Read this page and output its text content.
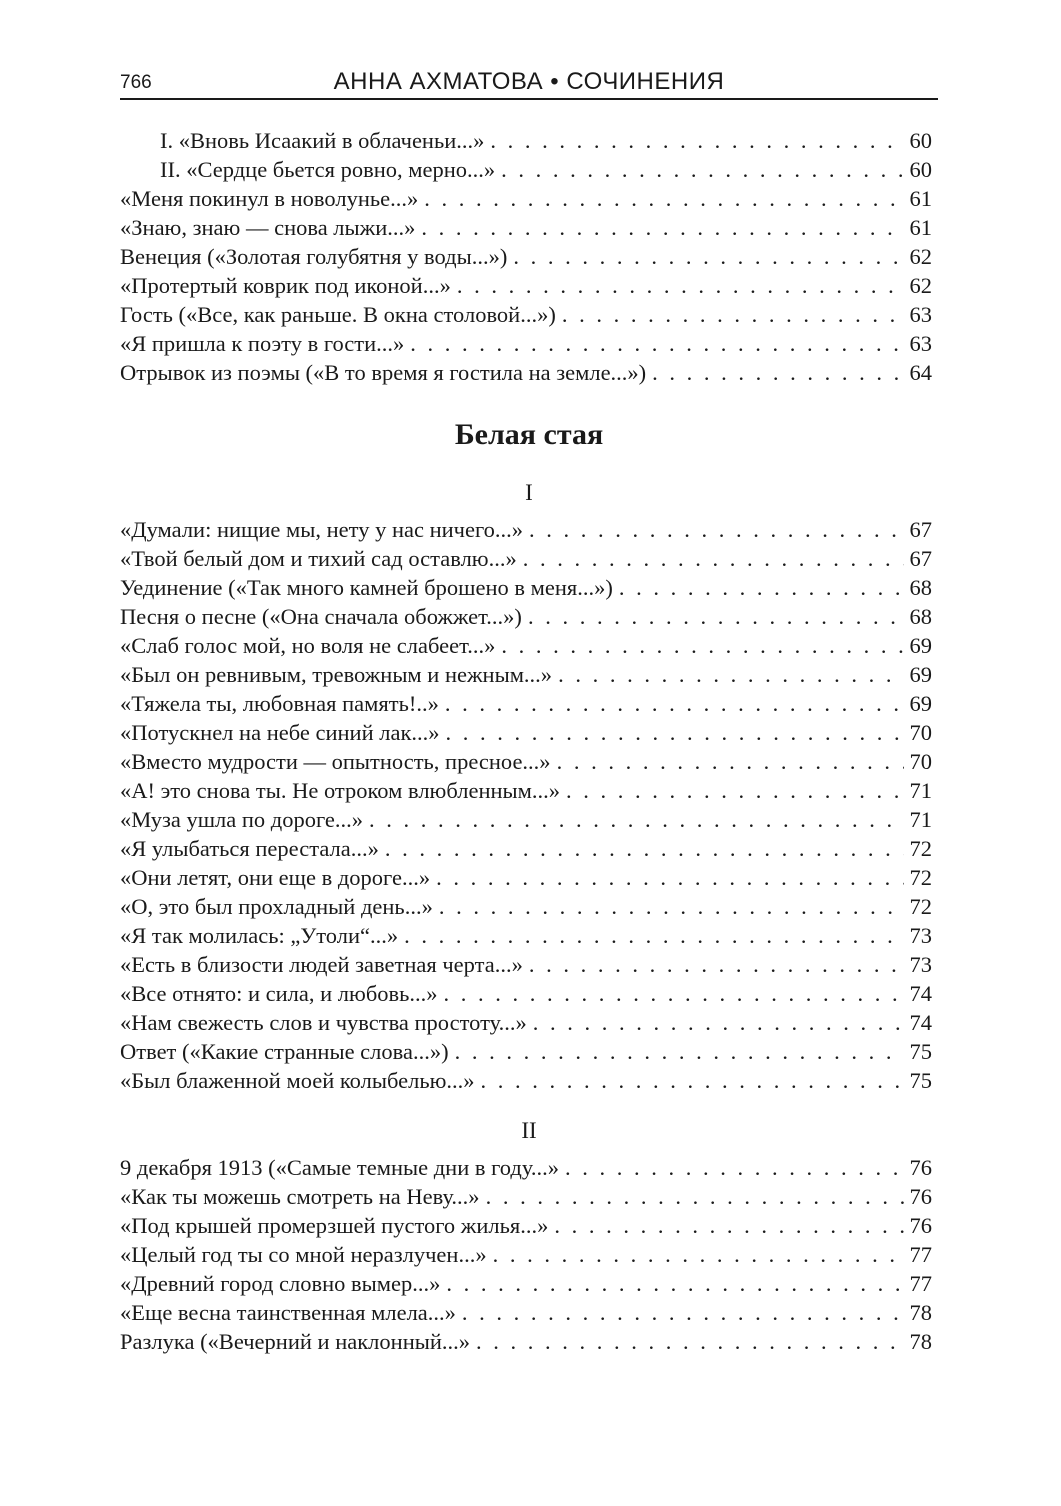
766	АННА АХМАТОВА • СОЧИНЕНИЯ
I. «Вновь Исаакий в облаченьи...» . . .	60
II. «Сердце бьется ровно, мерно...» . . .	60
«Меня покинул в новолунье...» . . .	61
«Знаю, знаю — снова лыжи...» . . .	61
Венеция («Золотая голубятня у воды...») . . .	62
«Протертый коврик под иконой...» . . .	62
Гость («Все, как раньше. В окна столовой...») . . .	63
«Я пришла к поэту в гости...» . . .	63
Отрывок из поэмы («В то время я гостила на земле...») . . .	64
Белая стая
I
«Думали: нищие мы, нету у нас ничего...» . . .	67
«Твой белый дом и тихий сад оставлю...» . . .	67
Уединение («Так много камней брошено в меня...») . . .	68
Песня о песне («Она сначала обожжет...») . . .	68
«Слаб голос мой, но воля не слабеет...» . . .	69
«Был он ревнивым, тревожным и нежным...» . . .	69
«Тяжела ты, любовная память!..» . . .	69
«Потускнел на небе синий лак...» . . .	70
«Вместо мудрости — опытность, пресное...» . . .	70
«А! это снова ты. Не отроком влюбленным...» . . .	71
«Муза ушла по дороге...» . . .	71
«Я улыбаться перестала...» . . .	72
«Они летят, они еще в дороге...» . . .	72
«О, это был прохладный день...» . . .	72
«Я так молилась: „Утоли“...» . . .	73
«Есть в близости людей заветная черта...» . . .	73
«Все отнято: и сила, и любовь...» . . .	74
«Нам свежесть слов и чувства простоту...» . . .	74
Ответ («Какие странные слова...») . . .	75
«Был блаженной моей колыбелью...» . . .	75
II
9 декабря 1913 («Самые темные дни в году...» . . .	76
«Как ты можешь смотреть на Неву...» . . .	76
«Под крышей промерзшей пустого жилья...» . . .	76
«Целый год ты со мной неразлучен...» . . .	77
«Древний город словно вымер...» . . .	77
«Еще весна таинственная млела...» . . .	78
Разлука («Вечерний и наклонный...» . . .	78
